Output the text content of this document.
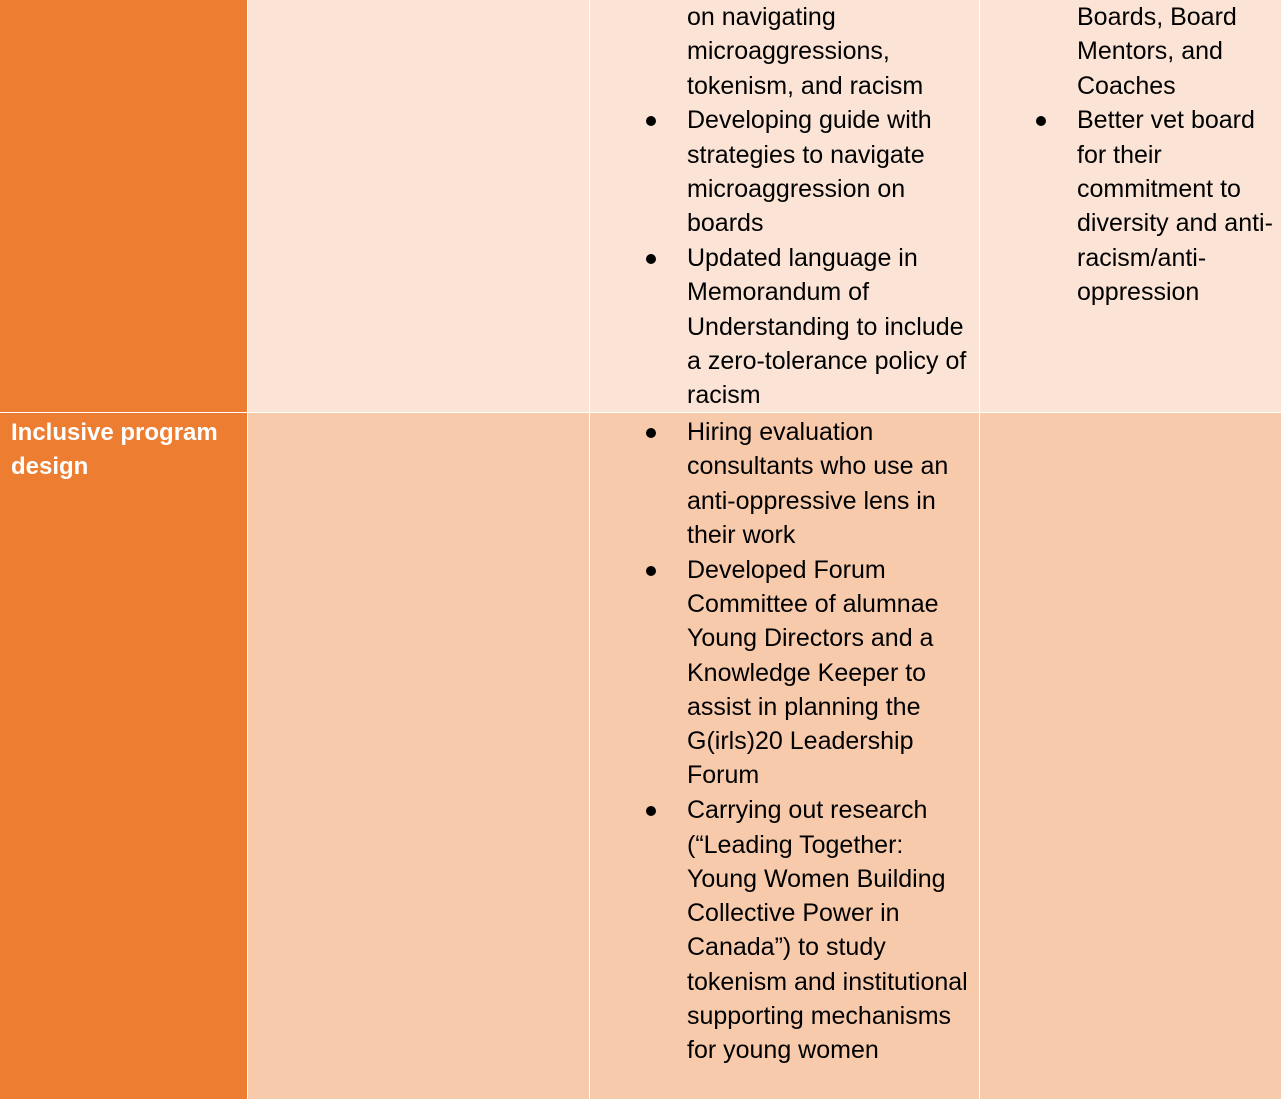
on navigating microaggressions, tokenism, and racism
Developing guide with strategies to navigate microaggression on boards
Updated language in Memorandum of Understanding to include a zero-tolerance policy of racism
Boards, Board Mentors, and Coaches
Better vet board for their commitment to diversity and anti-racism/anti-oppression
Inclusive program design
Hiring evaluation consultants who use an anti-oppressive lens in their work
Developed Forum Committee of alumnae Young Directors and a Knowledge Keeper to assist in planning the G(irls)20 Leadership Forum
Carrying out research (“Leading Together: Young Women Building Collective Power in Canada”) to study tokenism and institutional supporting mechanisms for young women
